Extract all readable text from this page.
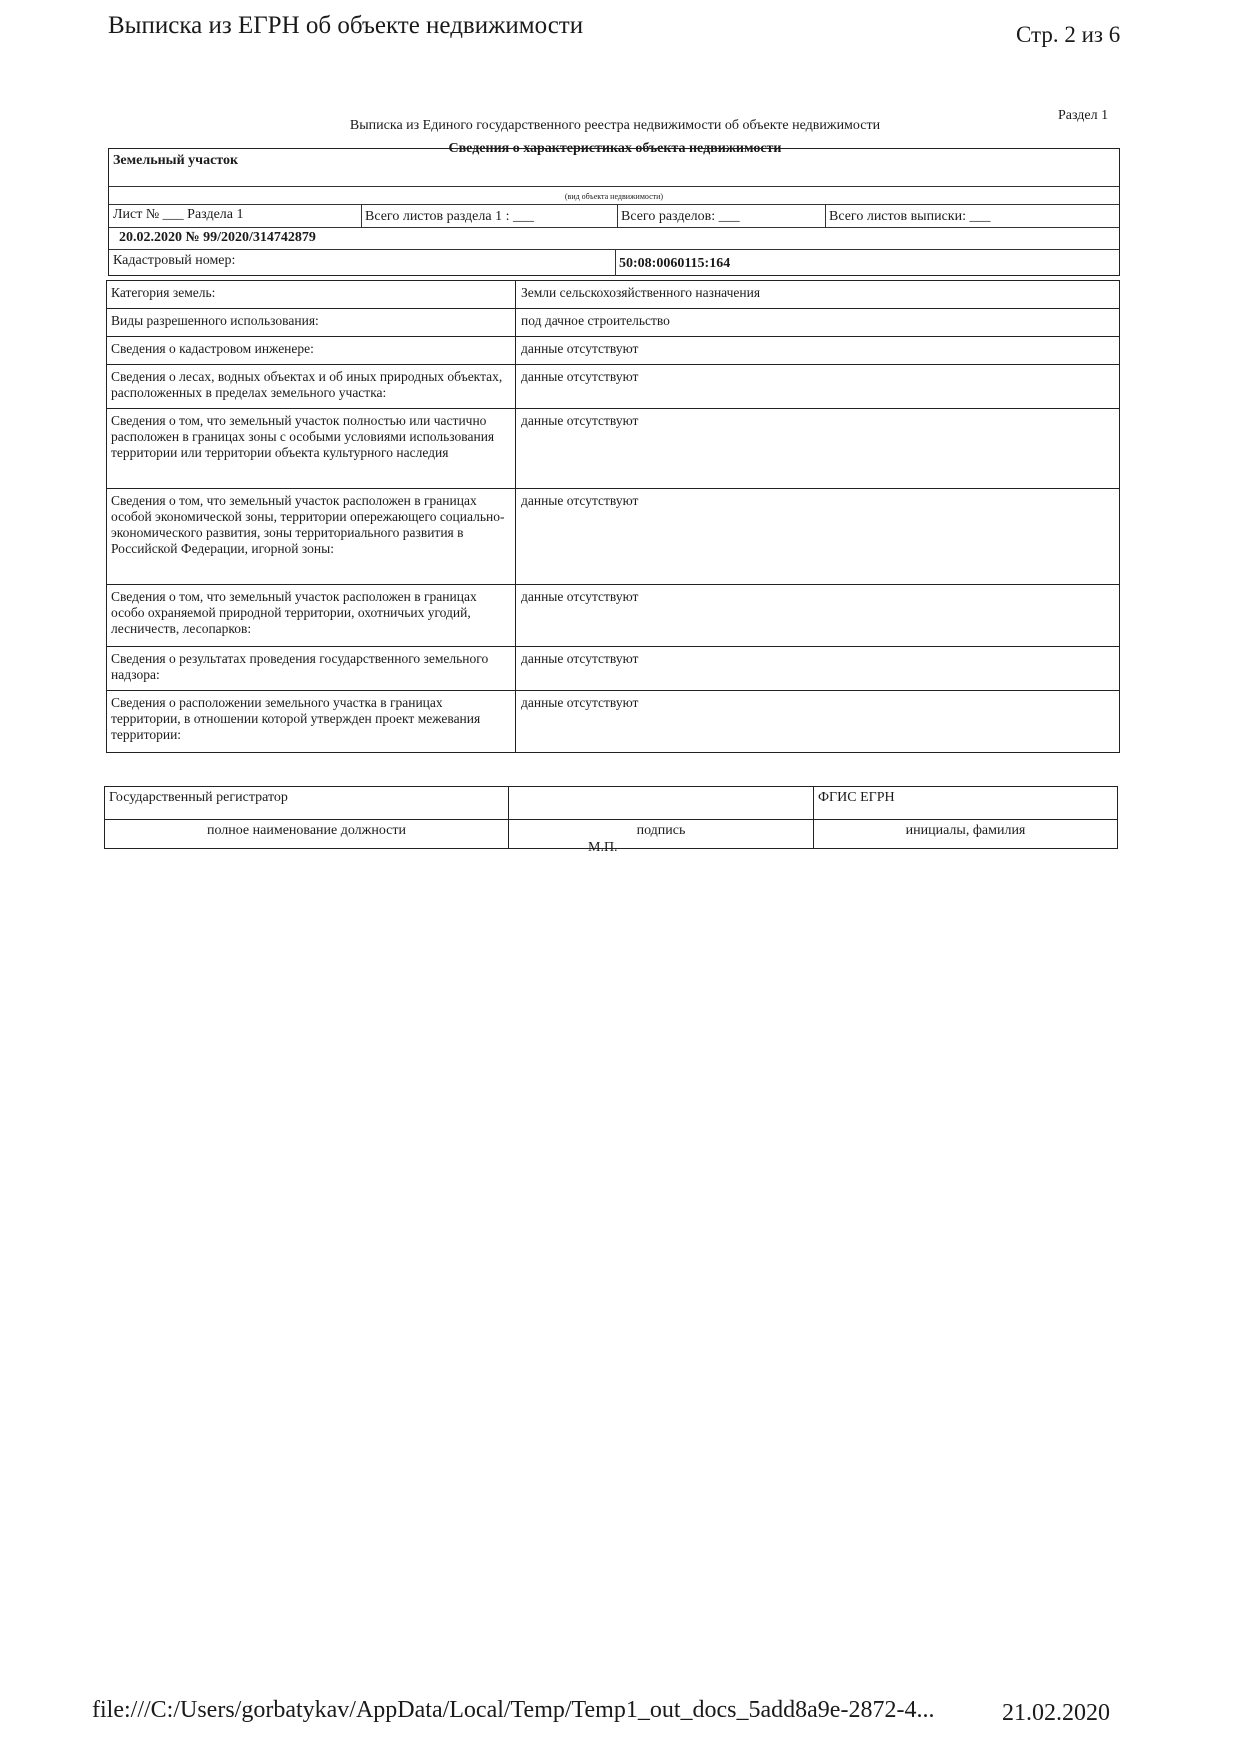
Выписка из ЕГРН об объекте недвижимости	Стр. 2 из 6
Раздел 1
Выписка из Единого государственного реестра недвижимости об объекте недвижимости
Сведения о характеристиках объекта недвижимости
Земельный участок
(вид объекта недвижимости)
Лист № ___ Раздела 1	Всего листов раздела 1 : ___	Всего разделов: ___	Всего листов выписки: ___
20.02.2020 № 99/2020/314742879
Кадастровый номер:	50:08:0060115:164
Категория земель:	Земли сельскохозяйственного назначения
Виды разрешенного использования:	под дачное строительство
Сведения о кадастровом инженере:	данные отсутствуют
Сведения о лесах, водных объектах и об иных природных объектах, расположенных в пределах земельного участка:	данные отсутствуют
Сведения о том, что земельный участок полностью или частично расположен в границах зоны с особыми условиями использования территории или территории объекта культурного наследия	данные отсутствуют
Сведения о том, что земельный участок расположен в границах особой экономической зоны, территории опережающего социально-экономического развития, зоны территориального развития в Российской Федерации, игорной зоны:	данные отсутствуют
Сведения о том, что земельный участок расположен в границах особо охраняемой природной территории, охотничьих угодий, лесничеств, лесопарков:	данные отсутствуют
Сведения о результатах проведения государственного земельного надзора:	данные отсутствуют
Сведения о расположении земельного участка в границах территории, в отношении которой утвержден проект межевания территории:	данные отсутствуют
Государственный регистратор		ФГИС ЕГРН
полное наименование должности	подпись	инициалы, фамилия
М.П.
file:///C:/Users/gorbatykav/AppData/Local/Temp/Temp1_out_docs_5add8a9e-2872-4...	21.02.2020
